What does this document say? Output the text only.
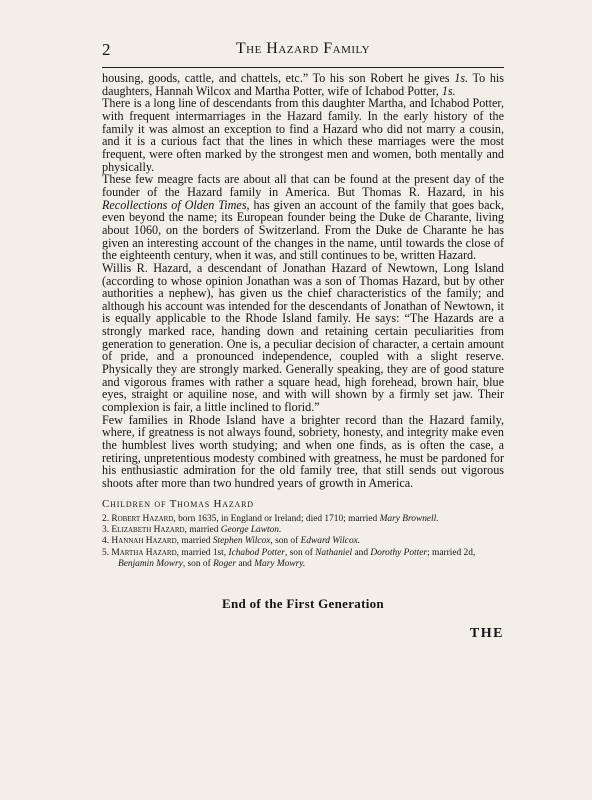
2	The Hazard Family

housing, goods, cattle, and chattels, etc.” To his son Robert he gives 1s. To his daughters, Hannah Wilcox and Martha Potter, wife of Ichabod Potter, 1s.

There is a long line of descendants from this daughter Martha, and Ichabod Potter, with frequent intermarriages in the Hazard family. In the early history of the family it was almost an exception to find a Hazard who did not marry a cousin, and it is a curious fact that the lines in which these marriages were the most frequent, were often marked by the strongest men and women, both mentally and physically.

These few meagre facts are about all that can be found at the present day of the founder of the Hazard family in America. But Thomas R. Hazard, in his Recollections of Olden Times, has given an account of the family that goes back, even beyond the name; its European founder being the Duke de Charante, living about 1060, on the borders of Switzerland. From the Duke de Charante he has given an interesting account of the changes in the name, until towards the close of the eighteenth century, when it was, and still continues to be, written Hazard.

Willis R. Hazard, a descendant of Jonathan Hazard of Newtown, Long Island (according to whose opinion Jonathan was a son of Thomas Hazard, but by other authorities a nephew), has given us the chief characteristics of the family; and although his account was intended for the descendants of Jonathan of Newtown, it is equally applicable to the Rhode Island family. He says: “The Hazards are a strongly marked race, handing down and retaining certain peculiarities from generation to generation. One is, a peculiar decision of character, a certain amount of pride, and a pronounced independence, coupled with a slight reserve. Physically they are strongly marked. Generally speaking, they are of good stature and vigorous frames with rather a square head, high forehead, brown hair, blue eyes, straight or aquiline nose, and with will shown by a firmly set jaw. Their complexion is fair, a little inclined to florid.”

Few families in Rhode Island have a brighter record than the Hazard family, where, if greatness is not always found, sobriety, honesty, and integrity make even the humblest lives worth studying; and when one finds, as is often the case, a retiring, unpretentious modesty combined with greatness, he must be pardoned for his enthusiastic admiration for the old family tree, that still sends out vigorous shoots after more than two hundred years of growth in America.

Children of Thomas Hazard

2. Robert Hazard, born 1635, in England or Ireland; died 1710; married Mary Brownell.

3. Elizabeth Hazard, married George Lawton.

4. Hannah Hazard, married Stephen Wilcox, son of Edward Wilcox.

5. Martha Hazard, married 1st, Ichabod Potter, son of Nathaniel and Dorothy Potter; married 2d,
Benjamin Mowry, son of Roger and Mary Mowry.

End of the First Generation
THE
